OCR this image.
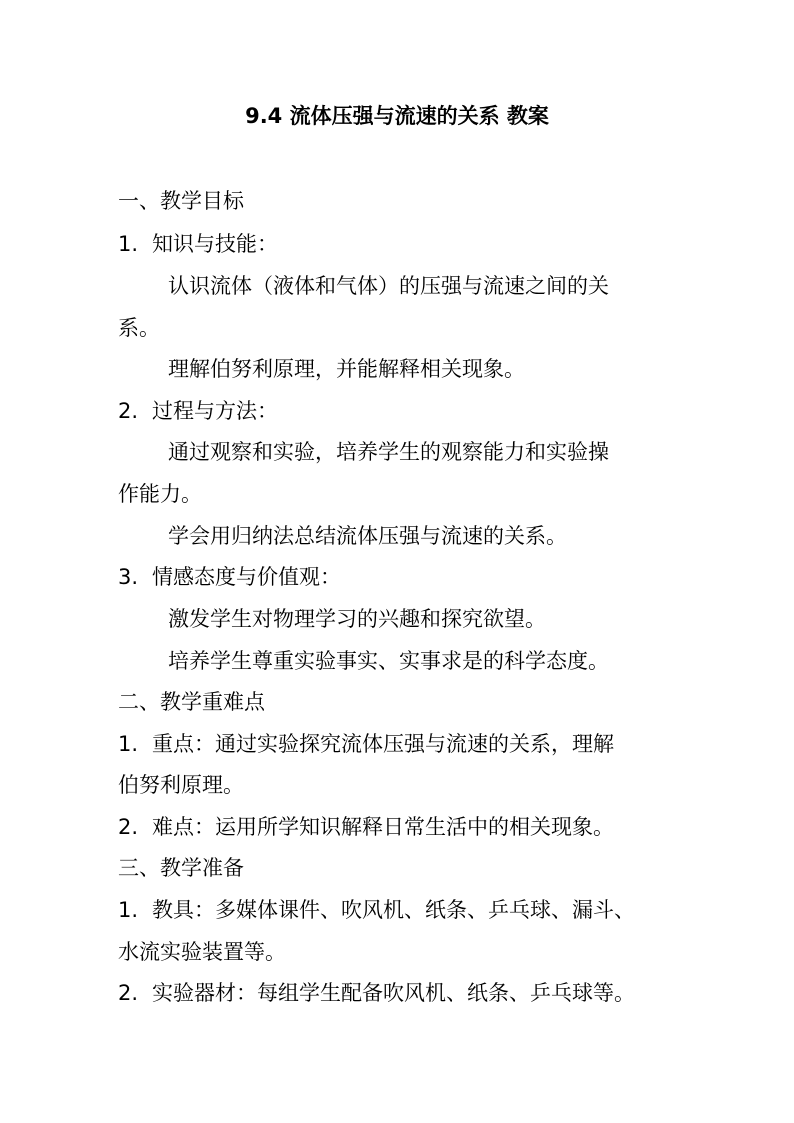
9.4 流体压强与流速的关系 教案
一、教学目标
1. 知识与技能：
认识流体（液体和气体）的压强与流速之间的关
系。
理解伯努利原理，并能解释相关现象。
2. 过程与方法：
通过观察和实验，培养学生的观察能力和实验操
作能力。
学会用归纳法总结流体压强与流速的关系。
3. 情感态度与价值观：
激发学生对物理学习的兴趣和探究欲望。
培养学生尊重实验事实、实事求是的科学态度。
二、教学重难点
1. 重点：通过实验探究流体压强与流速的关系，理解
伯努利原理。
2. 难点：运用所学知识解释日常生活中的相关现象。
三、教学准备
1. 教具：多媒体课件、吹风机、纸条、乒乓球、漏斗、
水流实验装置等。
2. 实验器材：每组学生配备吹风机、纸条、乒乓球等。
